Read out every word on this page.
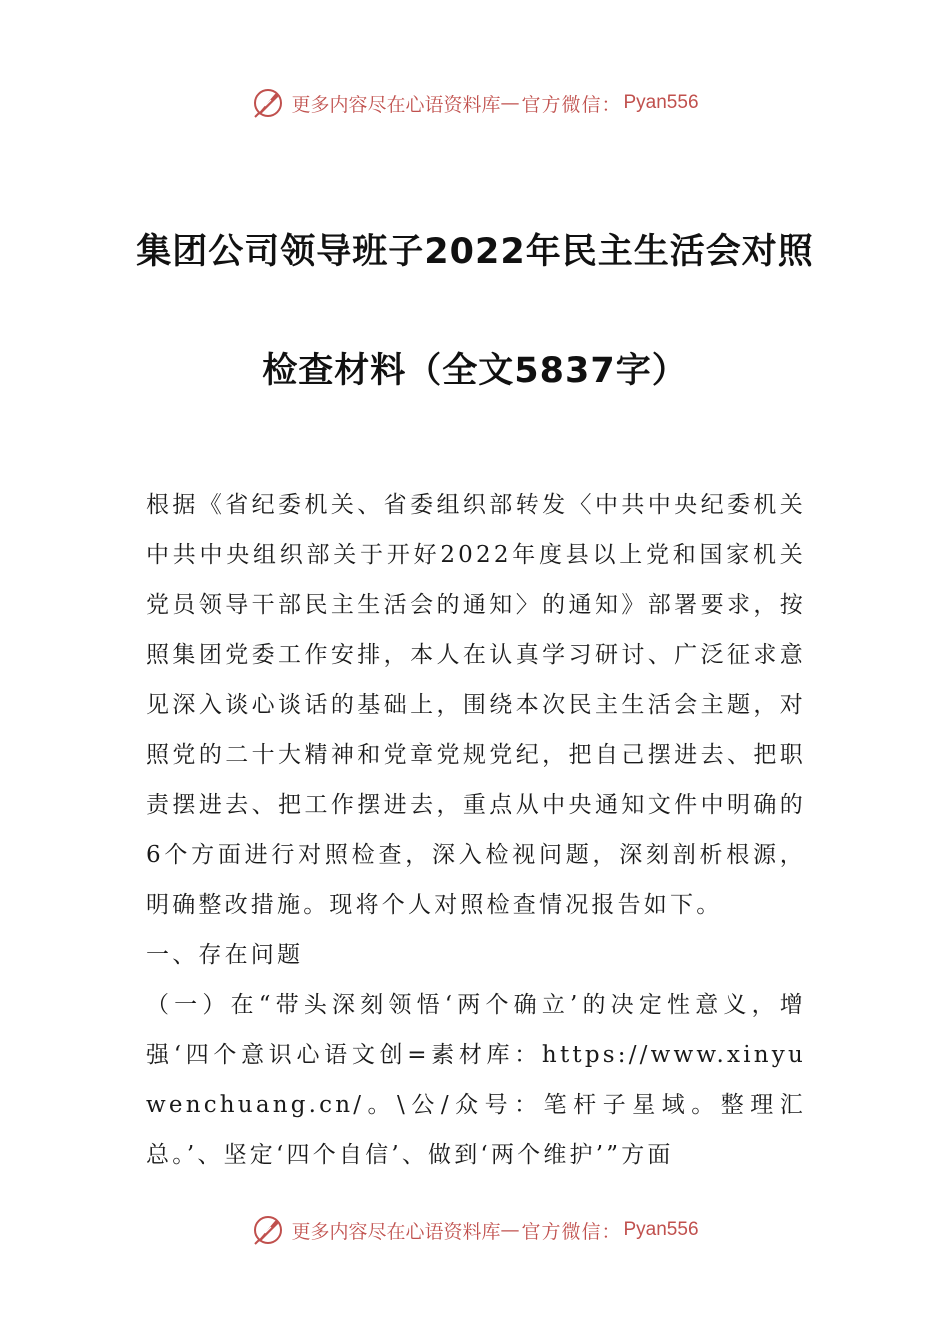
更多内容尽在心语资料库 — 官方微信： Pyan556
集团公司领导班子2022年民主生活会对照
检查材料（全文5837字）

根据《省纪委机关、省委组织部转发〈中共中央纪委机关中共中央组织部关于开好2022年度县以上党和国家机关党员领导干部民主生活会的通知〉的通知》部署要求，按照集团党委工作安排，本人在认真学习研讨、广泛征求意见深入谈心谈话的基础上，围绕本次民主生活会主题，对照党的二十大精神和党章党规党纪，把自己摆进去、把职责摆进去、把工作摆进去，重点从中央通知文件中明确的6个方面进行对照检查，深入检视问题，深刻剖析根源，明确整改措施。现将个人对照检查情况报告如下。

一、存在问题

（一）在“带头深刻领悟‘两个确立’的决定性意义，增强‘四个意识心语文创=素材库：https://www.xinyuwenchuang.cn/。\公/众号：笔杆子星域。整理汇总。’、坚定‘四个自信’、做到‘两个维护’”方面

更多内容尽在心语资料库 — 官方微信： Pyan556
